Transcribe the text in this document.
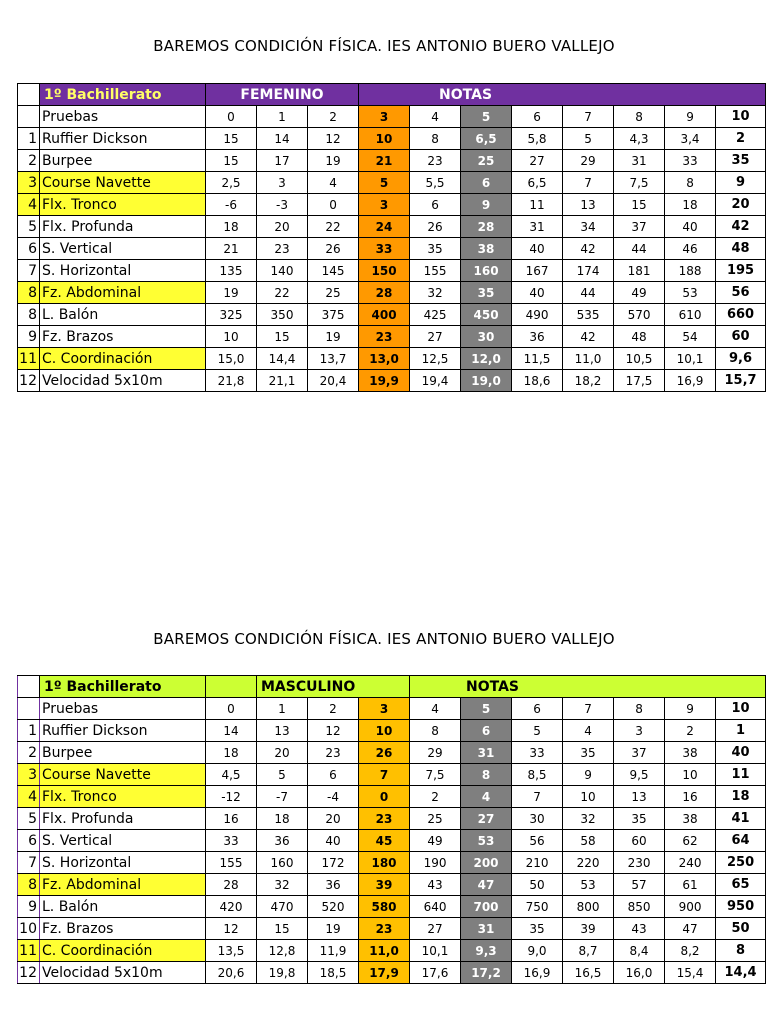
BAREMOS CONDICIÓN FÍSICA. IES ANTONIO BUERO VALLEJO
	1º Bachillerato	FEMENINO			NOTAS							
	Pruebas	0	1	2	3	4	5	6	7	8	9	10
1	Ruffier Dickson	15	14	12	10	8	6,5	5,8	5	4,3	3,4	2
2	Burpee	15	17	19	21	23	25	27	29	31	33	35
3	Course Navette	2,5	3	4	5	5,5	6	6,5	7	7,5	8	9
4	Flx. Tronco	-6	-3	0	3	6	9	11	13	15	18	20
5	Flx. Profunda	18	20	22	24	26	28	31	34	37	40	42
6	S. Vertical	21	23	26	33	35	38	40	42	44	46	48
7	S. Horizontal	135	140	145	150	155	160	167	174	181	188	195
8	Fz. Abdominal	19	22	25	28	32	35	40	44	49	53	56
8	L. Balón	325	350	375	400	425	450	490	535	570	610	660
9	Fz. Brazos	10	15	19	23	27	30	36	42	48	54	60
11	C. Coordinación	15,0	14,4	13,7	13,0	12,5	12,0	11,5	11,0	10,5	10,1	9,6
12	Velocidad 5x10m	21,8	21,1	20,4	19,9	19,4	19,0	18,6	18,2	17,5	16,9	15,7
BAREMOS CONDICIÓN FÍSICA. IES ANTONIO BUERO VALLEJO
	1º Bachillerato		MASCULINO			NOTAS						
	Pruebas	0	1	2	3	4	5	6	7	8	9	10
1	Ruffier Dickson	14	13	12	10	8	6	5	4	3	2	1
2	Burpee	18	20	23	26	29	31	33	35	37	38	40
3	Course Navette	4,5	5	6	7	7,5	8	8,5	9	9,5	10	11
4	Flx. Tronco	-12	-7	-4	0	2	4	7	10	13	16	18
5	Flx. Profunda	16	18	20	23	25	27	30	32	35	38	41
6	S. Vertical	33	36	40	45	49	53	56	58	60	62	64
7	S. Horizontal	155	160	172	180	190	200	210	220	230	240	250
8	Fz. Abdominal	28	32	36	39	43	47	50	53	57	61	65
9	L. Balón	420	470	520	580	640	700	750	800	850	900	950
10	Fz. Brazos	12	15	19	23	27	31	35	39	43	47	50
11	C. Coordinación	13,5	12,8	11,9	11,0	10,1	9,3	9,0	8,7	8,4	8,2	8
12	Velocidad 5x10m	20,6	19,8	18,5	17,9	17,6	17,2	16,9	16,5	16,0	15,4	14,4
